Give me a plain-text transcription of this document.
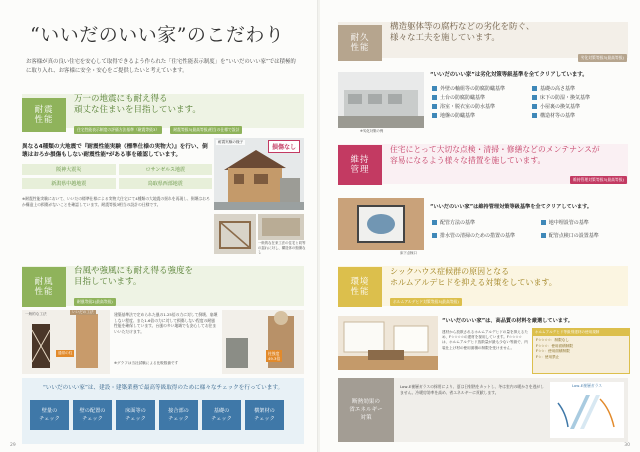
“いいだのいい家”のこだわり
お客様が真の良い住宅を安心して取得できるよう作られた「住宅性能表示制度」を“いいだのいい家”では積極的に取り入れ、お客様に安全・安心をご提供したいと考えています。
耐震
性能
万一の地震にも耐え得る
頑丈な住まいを目指しています。
住宅性能表示制度の評価方法基準（耐震等級3）	耐震等級3(最高等級)相当の仕様で設計
異なる4種類の大地震で『耐震性能実験（標準仕様の実物大）』を行い、倒壊はおろか損傷もしない耐震性能*がある事を確認しています。
阪神大震災	ロサンゼルス地震
新潟県中越地震	鳥取県西部地震
※耐震性能実験において、いいだの標準仕様による実物大住宅にて4種類の大地震の揺れを再現し、倒壊はおろか構造上の損傷がないことを確認しています。耐震等級3相当の設計の仕様です。
耐震実験の様子
損傷なし
一般的な在来工法の住宅と同等の揺れに対し、構造体の損傷なし
耐風
性能
台風や強風にも耐え得る強度を
目指しています。
耐風等級2(最高等級)
一般的な工法	いいだの工法
通常の柱
建築基準法で定められた風の1.25倍の力に対して倒壊、崩壊しない程度、また1.6倍の力に対して損傷しない程度の耐風性能を確保しています。台風の多い地域でも安心してお住まいいただけます。
※グラフは当社試験による比較数値です
柱強度
49.3倍
“いいだのいい家”は、建設・建築業務で最高等級取得のために様々なチェックを行っています。
壁量の
チェック
壁の配置の
チェック
床面等の
チェック
接合部の
チェック
基礎の
チェック
横架材の
チェック
29
耐久
性能
構造躯体等の腐朽などの劣化を防ぐ、
様々な工夫を施しています。
劣化対策等級3(最高等級)
※劣化対策の例
“いいだのいい家”は劣化対策等級基準を全てクリアしています。
外壁の軸組等の防腐防蟻基準	基礎の高さ基準
土台の防腐防蟻基準	床下の防湿・換気基準
浴室・脱衣室の防水基準	小屋裏の換気基準
地盤の防蟻基準	構造材等の基準
維持
管理
住宅にとって大切な点検・清掃・修繕などのメンテナンスが
容易になるよう様々な措置を施しています。
維持管理対策等級3(最高等級)
床下点検口
“いいだのいい家”は維持管理対策等級基準を全てクリアしています。
配管方法の基準	地中埋設管の基準
排水管の清掃のための措置の基準	配管点検口の設置基準
環境
性能
シックハウス症候群の原因となる
ホルムアルデヒドを抑える対策をしています。
ホルムアルデヒド対策等級3(最高等級)
“いいだのいい家”は、高品質の材料を厳選しています。
建材から放散されるホルムアルデヒドの量を抑えるため、F☆☆☆☆の建材を採用しています。F☆☆☆☆は、ホルムアルデヒド放散量が最も少ない等級で、内装仕上げ材の使用面積の制限を受けません。
ホルムアルデヒド等級別建材の使用規制
F☆☆☆☆：制限なし
F☆☆☆：使用面積制限
F☆☆：使用面積制限
F☆：使用禁止
断熱効果の
省エネルギー
対策
Low-E複層ガラスの採用により、夏は日射熱をカットし、冬は室内の暖かさを逃がしません。冷暖房効率を高め、省エネルギーに貢献します。
Low-E複層ガラス
30
